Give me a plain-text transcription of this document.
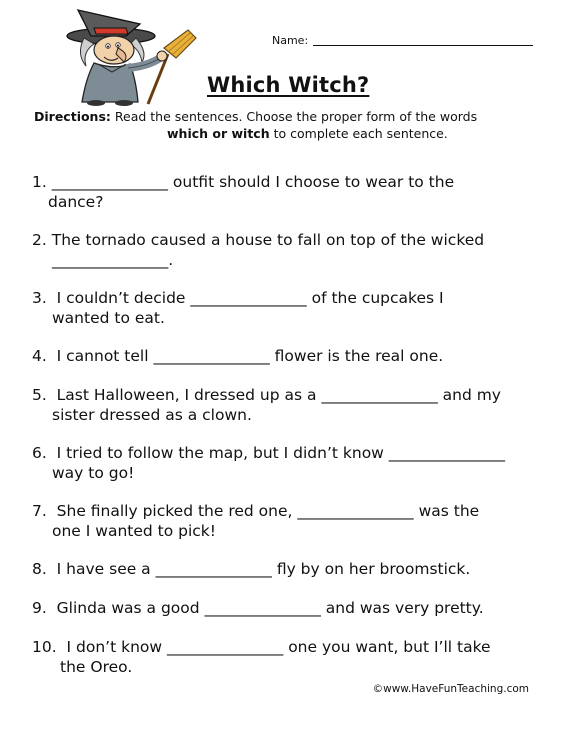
Name:
Which Witch?
Directions: Read the sentences. Choose the proper form of the words
which or witch to complete each sentence.
1. _______________ outfit should I choose to wear to the
dance?
2. The tornado caused a house to fall on top of the wicked
_______________.
3. I couldn’t decide _______________ of the cupcakes I
wanted to eat.
4. I cannot tell _______________ flower is the real one.
5. Last Halloween, I dressed up as a _______________ and my
sister dressed as a clown.
6. I tried to follow the map, but I didn’t know _______________
way to go!
7. She finally picked the red one, _______________ was the
one I wanted to pick!
8. I have see a _______________ fly by on her broomstick.
9. Glinda was a good _______________ and was very pretty.
10. I don’t know _______________ one you want, but I’ll take
the Oreo.
©www.HaveFunTeaching.com
